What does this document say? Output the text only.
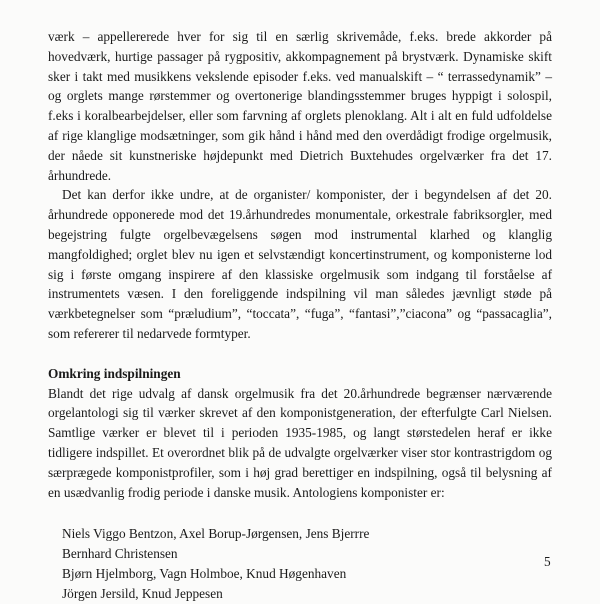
værk – appellererede hver for sig til en særlig skrivemåde, f.eks. brede akkorder på hovedværk, hurtige passager på rygpositiv, akkompagnement på brystværk. Dynamiske skift sker i takt med musikkens vekslende episoder f.eks. ved manualskift – “ terrassedynamik” – og orglets mange rørstemmer og overtonerige blandingsstemmer bruges hyppigt i solospil, f.eks i koralbearbejdelser, eller som farvning af orglets plenoklang. Alt i alt en fuld udfoldelse af rige klanglige modsætninger, som gik hånd i hånd med den overdådigt frodige orgelmusik, der nåede sit kunstneriske højdepunkt med Dietrich Buxtehudes orgelværker fra det 17. århundrede.

Det kan derfor ikke undre, at de organister/ komponister, der i begyndelsen af det 20. århundrede opponerede mod det 19.århundredes monumentale, orkestrale fabriksorgler, med begejstring fulgte orgelbevægelsens søgen mod instrumental klarhed og klanglig mangfoldighed; orglet blev nu igen et selvstændigt koncertinstrument, og komponisterne lod sig i første omgang inspirere af den klassiske orgelmusik som indgang til forståelse af instrumentets væsen. I den foreliggende indspilning vil man således jævnligt støde på værkbetegnelser som “præludium”, “toccata”, “fuga”, “fantasi”,”ciacona” og “passacaglia”, som refererer til nedarvede formtyper.

Omkring indspilningen

Blandt det rige udvalg af dansk orgelmusik fra det 20.århundrede begrænser nærværende orgelantologi sig til værker skrevet af den komponistgeneration, der efterfulgte Carl Nielsen. Samtlige værker er blevet til i perioden 1935-1985, og langt størstedelen heraf er ikke tidligere indspillet. Et overordnet blik på de udvalgte orgelværker viser stor kontrastrigdom og særprægede komponistprofiler, som i høj grad berettiger en indspilning, også til belysning af en usædvanlig frodig periode i danske musik. Antologiens komponister er:

Niels Viggo Bentzon, Axel Borup-Jørgensen, Jens Bjerrre
Bernhard Christensen
Bjørn Hjelmborg, Vagn Holmboe, Knud Høgenhaven
Jörgen Jersild, Knud Jeppesen
5
